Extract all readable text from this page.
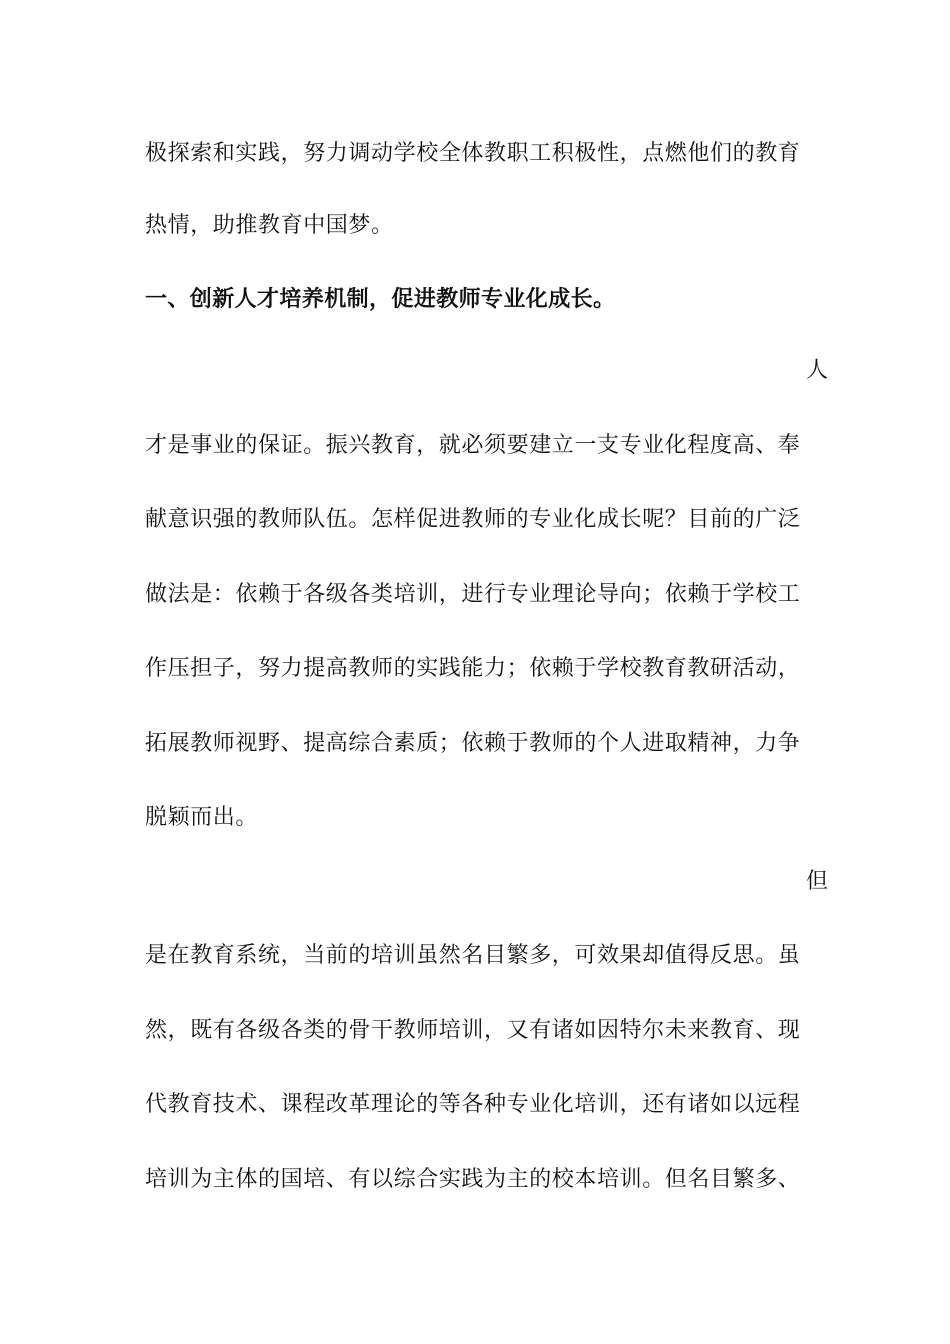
极探索和实践，努力调动学校全体教职工积极性，点燃他们的教育
热情，助推教育中国梦。
一、创新人才培养机制，促进教师专业化成长。
人
才是事业的保证。振兴教育，就必须要建立一支专业化程度高、奉
献意识强的教师队伍。怎样促进教师的专业化成长呢？目前的广泛
做法是：依赖于各级各类培训，进行专业理论导向；依赖于学校工
作压担子，努力提高教师的实践能力；依赖于学校教育教研活动，
拓展教师视野、提高综合素质；依赖于教师的个人进取精神，力争
脱颖而出。
但
是在教育系统，当前的培训虽然名目繁多，可效果却值得反思。虽
然，既有各级各类的骨干教师培训，又有诸如因特尔未来教育、现
代教育技术、课程改革理论的等各种专业化培训，还有诸如以远程
培训为主体的国培、有以综合实践为主的校本培训。但名目繁多、
